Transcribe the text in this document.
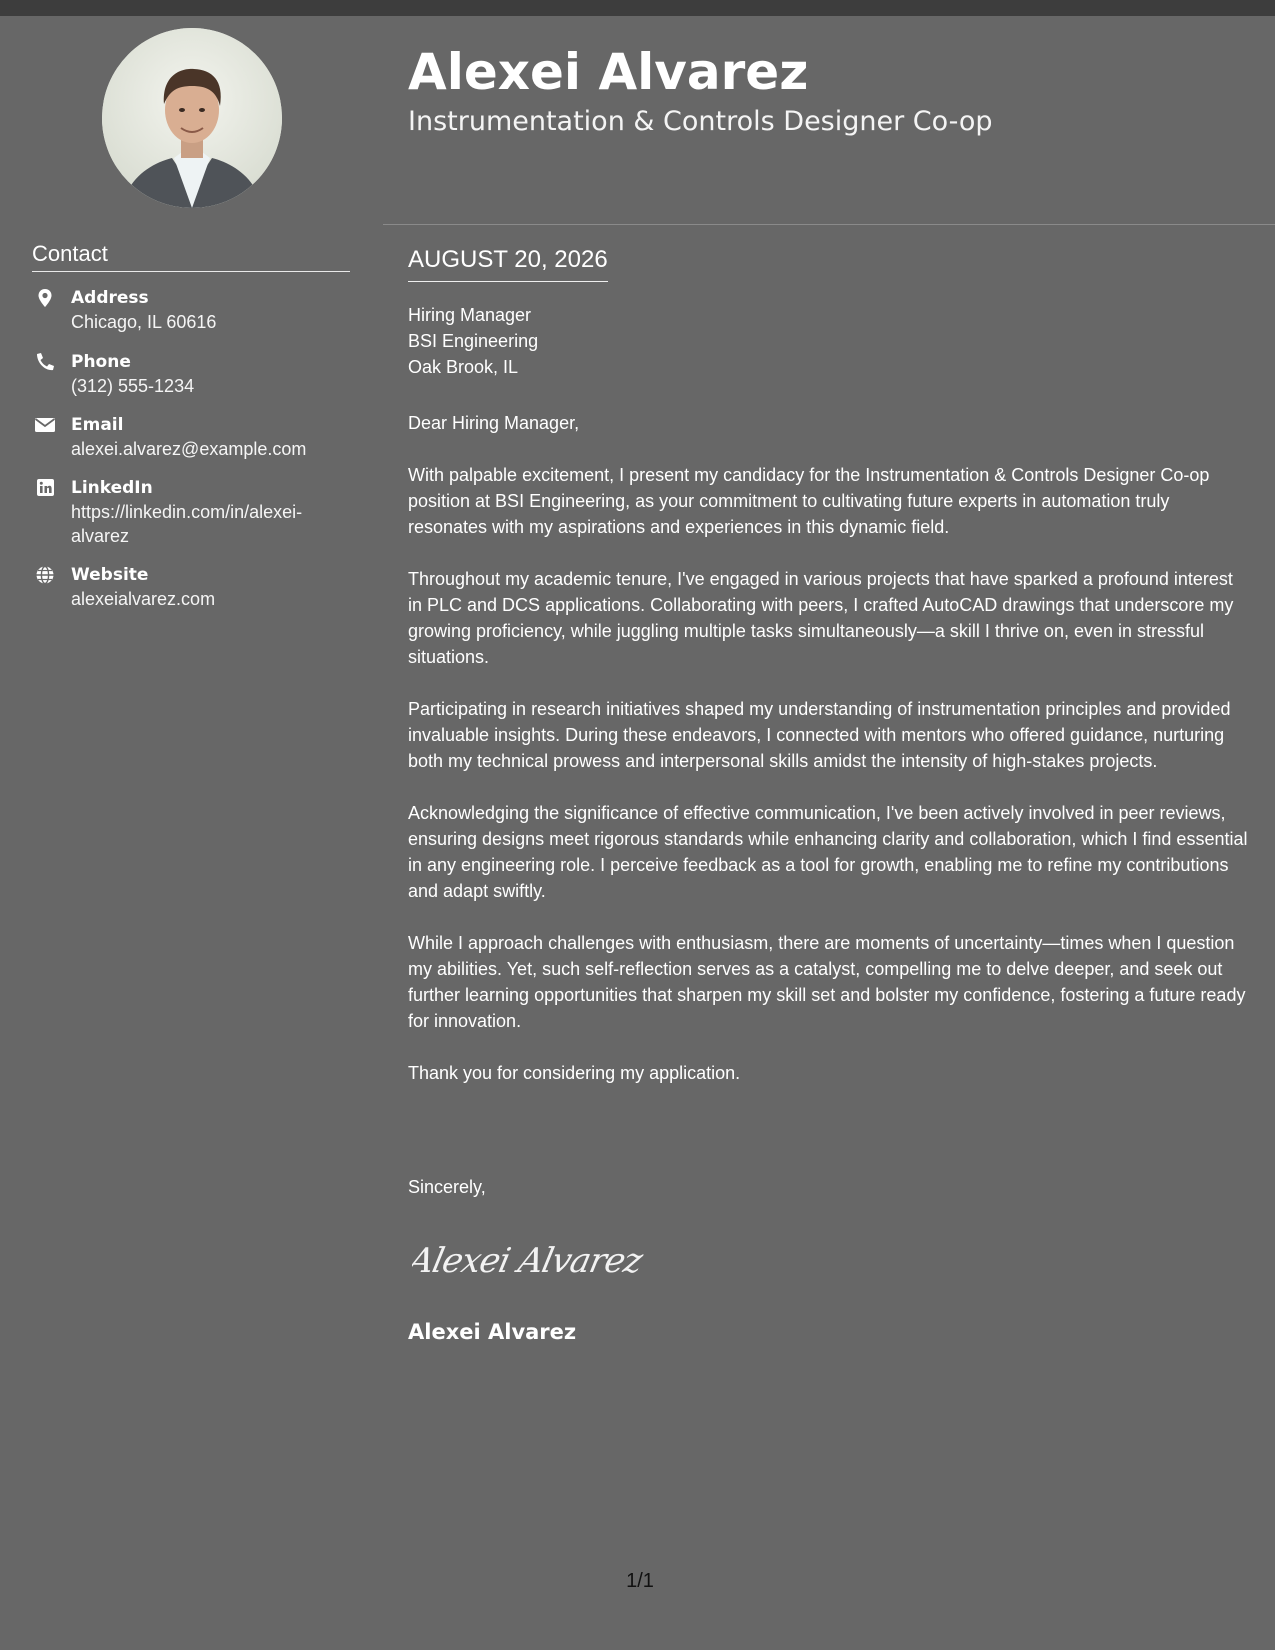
Contact
Address
Chicago, IL 60616
Phone
(312) 555-1234
Email
alexei.alvarez@example.com
LinkedIn
https://linkedin.com/in/alexei-alvarez
Website
alexeialvarez.com
Alexei Alvarez
Instrumentation & Controls Designer Co-op
AUGUST 20, 2026
Hiring Manager
BSI Engineering
Oak Brook, IL

Dear Hiring Manager,

With palpable excitement, I present my candidacy for the Instrumentation & Controls Designer Co-op position at BSI Engineering, as your commitment to cultivating future experts in automation truly resonates with my aspirations and experiences in this dynamic field.

Throughout my academic tenure, I've engaged in various projects that have sparked a profound interest in PLC and DCS applications. Collaborating with peers, I crafted AutoCAD drawings that underscore my growing proficiency, while juggling multiple tasks simultaneously—a skill I thrive on, even in stressful situations.

Participating in research initiatives shaped my understanding of instrumentation principles and provided invaluable insights. During these endeavors, I connected with mentors who offered guidance, nurturing both my technical prowess and interpersonal skills amidst the intensity of high-stakes projects.

Acknowledging the significance of effective communication, I've been actively involved in peer reviews, ensuring designs meet rigorous standards while enhancing clarity and collaboration, which I find essential in any engineering role. I perceive feedback as a tool for growth, enabling me to refine my contributions and adapt swiftly.

While I approach challenges with enthusiasm, there are moments of uncertainty—times when I question my abilities. Yet, such self-reflection serves as a catalyst, compelling me to delve deeper, and seek out further learning opportunities that sharpen my skill set and bolster my confidence, fostering a future ready for innovation.

Thank you for considering my application.

Sincerely,
Alexei Alvarez
Alexei Alvarez
1/1
